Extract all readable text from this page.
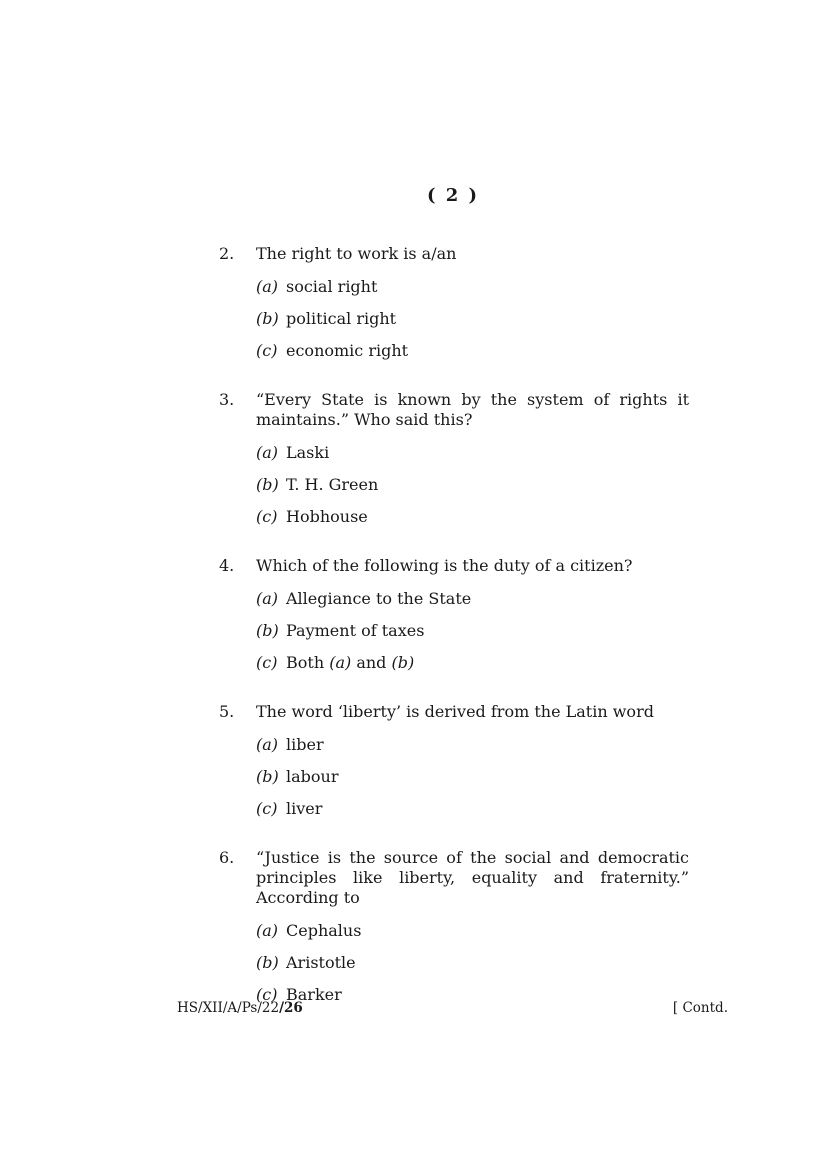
( 2 )
2.	The right to work is a/an
(a) social right
(b) political right
(c) economic right
3.	“Every State is known by the system of rights it maintains.” Who said this?
(a) Laski
(b) T. H. Green
(c) Hobhouse
4.	Which of the following is the duty of a citizen?
(a) Allegiance to the State
(b) Payment of taxes
(c) Both (a) and (b)
5.	The word ‘liberty’ is derived from the Latin word
(a) liber
(b) labour
(c) liver
6.	“Justice is the source of the social and democratic principles like liberty, equality and fraternity.” According to
(a) Cephalus
(b) Aristotle
(c) Barker
HS/XII/A/Ps/22/26	[ Contd.
